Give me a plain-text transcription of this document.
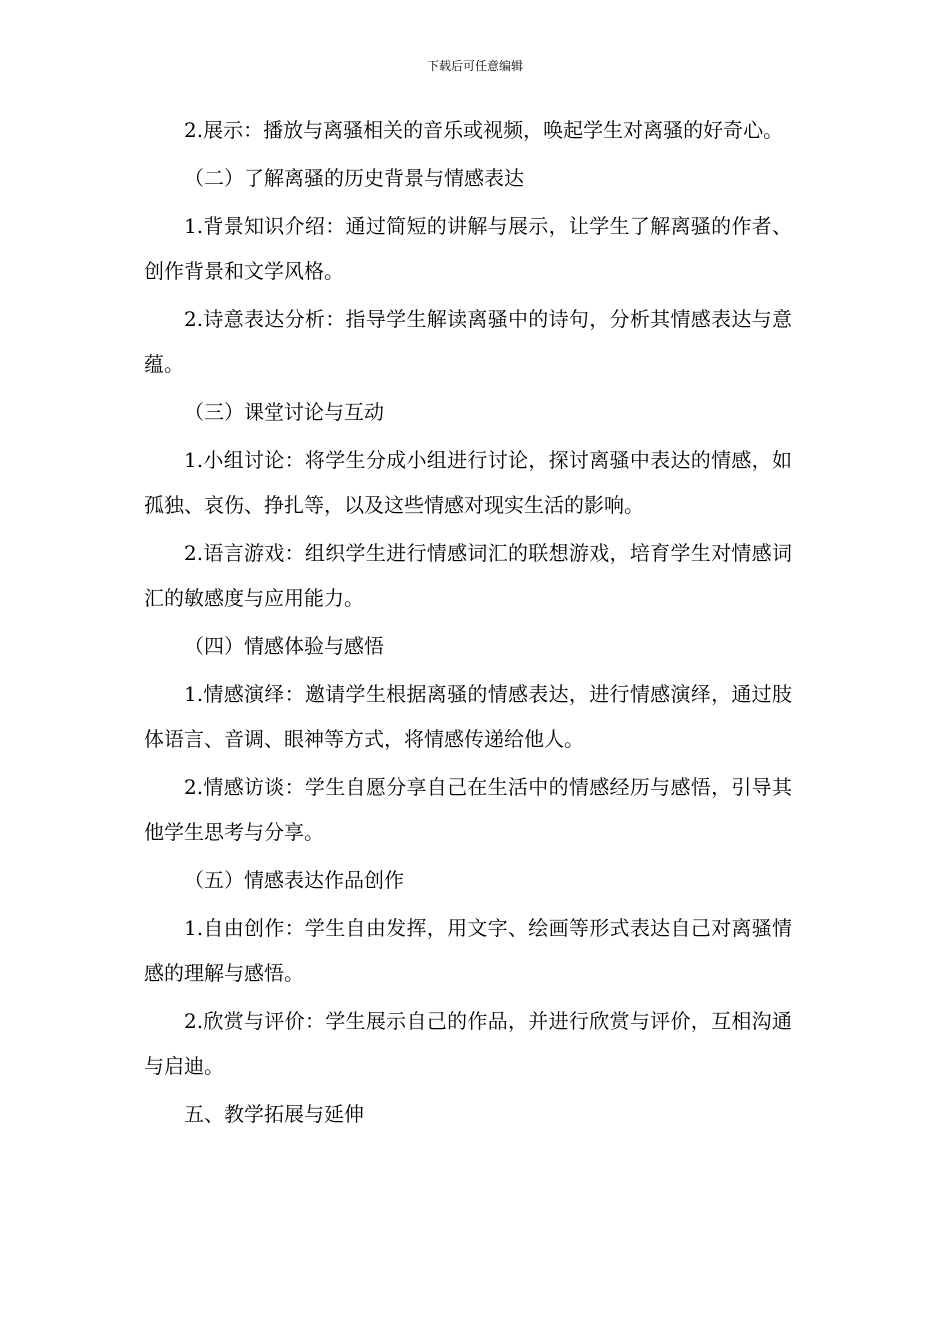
下载后可任意编辑

2.展示：播放与离骚相关的音乐或视频，唤起学生对离骚的好奇心。

（二）了解离骚的历史背景与情感表达

1.背景知识介绍：通过简短的讲解与展示，让学生了解离骚的作者、创作背景和文学风格。

2.诗意表达分析：指导学生解读离骚中的诗句，分析其情感表达与意蕴。

（三）课堂讨论与互动

1.小组讨论：将学生分成小组进行讨论，探讨离骚中表达的情感，如孤独、哀伤、挣扎等，以及这些情感对现实生活的影响。

2.语言游戏：组织学生进行情感词汇的联想游戏，培育学生对情感词汇的敏感度与应用能力。

（四）情感体验与感悟

1.情感演绎：邀请学生根据离骚的情感表达，进行情感演绎，通过肢体语言、音调、眼神等方式，将情感传递给他人。

2.情感访谈：学生自愿分享自己在生活中的情感经历与感悟，引导其他学生思考与分享。

（五）情感表达作品创作

1.自由创作：学生自由发挥，用文字、绘画等形式表达自己对离骚情感的理解与感悟。

2.欣赏与评价：学生展示自己的作品，并进行欣赏与评价，互相沟通与启迪。

五、教学拓展与延伸
